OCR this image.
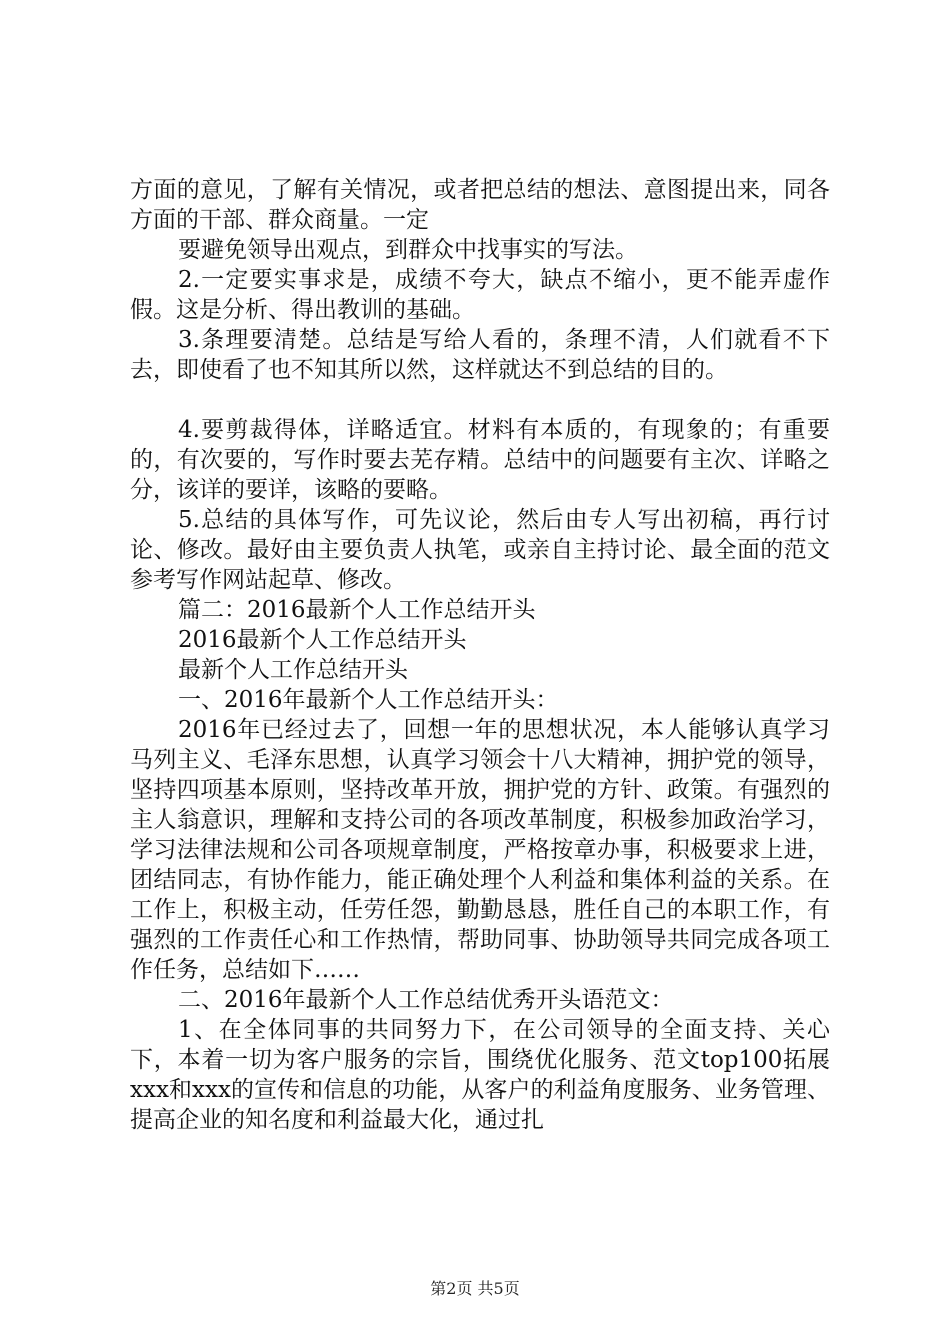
方面的意见，了解有关情况，或者把总结的想法、意图提出来，同各方面的干部、群众商量。一定

要避免领导出观点，到群众中找事实的写法。

2.一定要实事求是，成绩不夸大，缺点不缩小，更不能弄虚作假。这是分析、得出教训的基础。

3.条理要清楚。总结是写给人看的，条理不清，人们就看不下去，即使看了也不知其所以然，这样就达不到总结的目的。

4.要剪裁得体，详略适宜。材料有本质的，有现象的；有重要的，有次要的，写作时要去芜存精。总结中的问题要有主次、详略之分，该详的要详，该略的要略。

5.总结的具体写作，可先议论，然后由专人写出初稿，再行讨论、修改。最好由主要负责人执笔，或亲自主持讨论、最全面的范文参考写作网站起草、修改。

篇二：2016最新个人工作总结开头

2016最新个人工作总结开头

最新个人工作总结开头

一、2016年最新个人工作总结开头：

2016年已经过去了，回想一年的思想状况，本人能够认真学习马列主义、毛泽东思想，认真学习领会十八大精神，拥护党的领导，坚持四项基本原则，坚持改革开放，拥护党的方针、政策。有强烈的主人翁意识，理解和支持公司的各项改革制度，积极参加政治学习，学习法律法规和公司各项规章制度，严格按章办事，积极要求上进，团结同志，有协作能力，能正确处理个人利益和集体利益的关系。在工作上，积极主动，任劳任怨，勤勤恳恳，胜任自己的本职工作，有强烈的工作责任心和工作热情，帮助同事、协助领导共同完成各项工作任务，总结如下……

二、2016年最新个人工作总结优秀开头语范文：

1、在全体同事的共同努力下，在公司领导的全面支持、关心下，本着一切为客户服务的宗旨，围绕优化服务、范文top100拓展xxx和xxx的宣传和信息的功能，从客户的利益角度服务、业务管理、提高企业的知名度和利益最大化，通过扎

第2页 共5页
